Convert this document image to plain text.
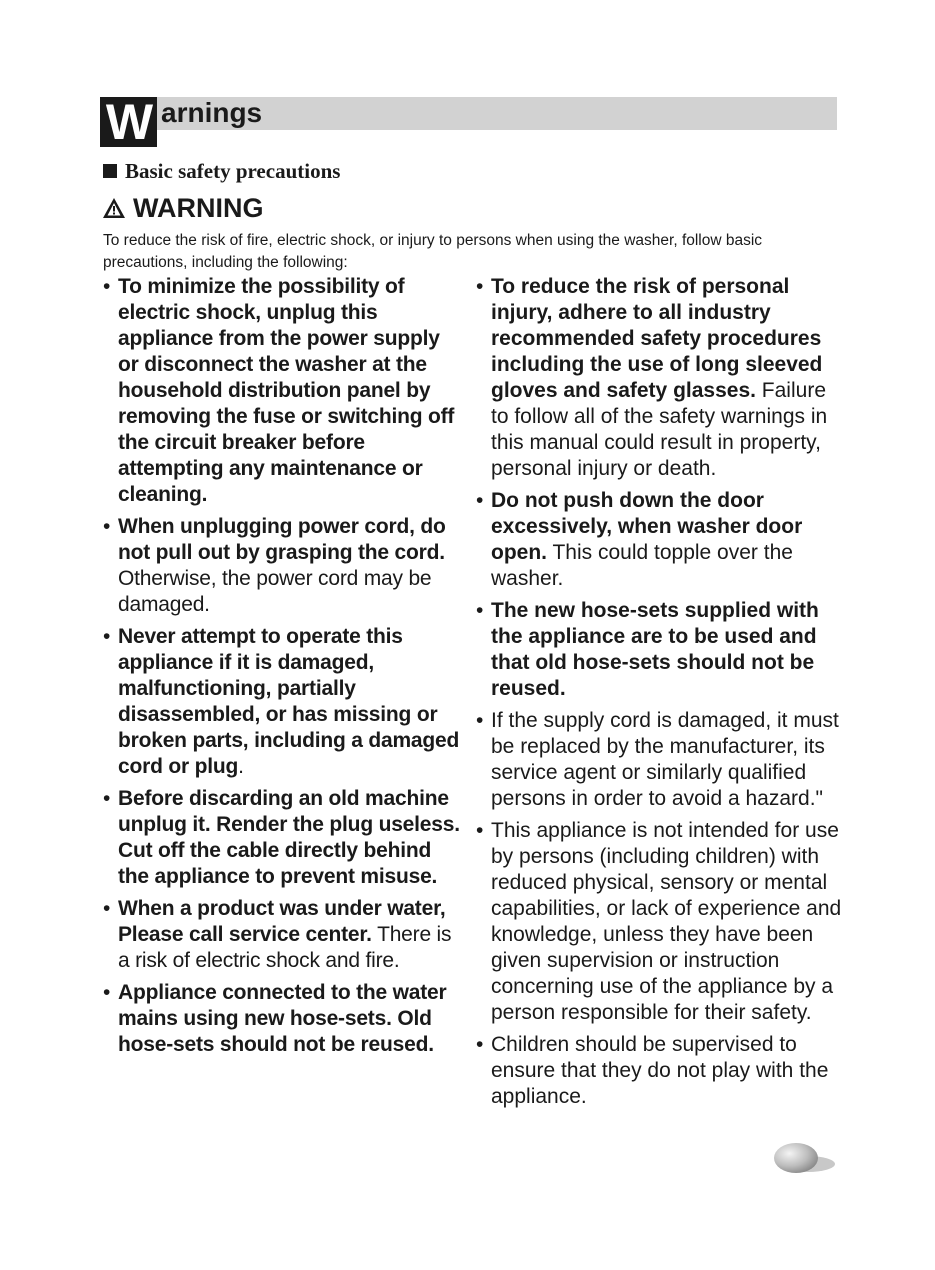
W arnings
Basic safety precautions
WARNING
To reduce the risk of fire, electric shock, or injury to persons when using the washer, follow basic precautions, including the following:
• To minimize the possibility of electric shock, unplug this appliance from the power supply or disconnect the washer at the household distribution panel by removing the fuse or switching off the circuit breaker before attempting any maintenance or cleaning.
• When unplugging power cord, do not pull out by grasping the cord. Otherwise, the power cord may be damaged.
• Never attempt to operate this appliance if it is damaged, malfunctioning, partially disassembled, or has missing or broken parts, including a damaged cord or plug.
• Before discarding an old machine unplug it. Render the plug useless. Cut off the cable directly behind the appliance to prevent misuse.
• When a product was under water, Please call service center. There is a risk of electric shock and fire.
• Appliance connected to the water mains using new hose-sets. Old hose-sets should not be reused.
• To reduce the risk of personal injury, adhere to all industry recommended safety procedures including the use of long sleeved gloves and safety glasses. Failure to follow all of the safety warnings in this manual could result in property, personal injury or death.
• Do not push down the door excessively, when washer door open. This could topple over the washer.
• The new hose-sets supplied with the appliance are to be used and that old hose-sets should not be reused.
• If the supply cord is damaged, it must be replaced by the manufacturer, its service agent or similarly qualified persons in order to avoid a hazard."
• This appliance is not intended for use by persons (including children) with reduced physical, sensory or mental capabilities, or lack of experience and knowledge, unless they have been given supervision or instruction concerning use of the appliance by a person responsible for their safety.
• Children should be supervised to ensure that they do not play with the appliance.
